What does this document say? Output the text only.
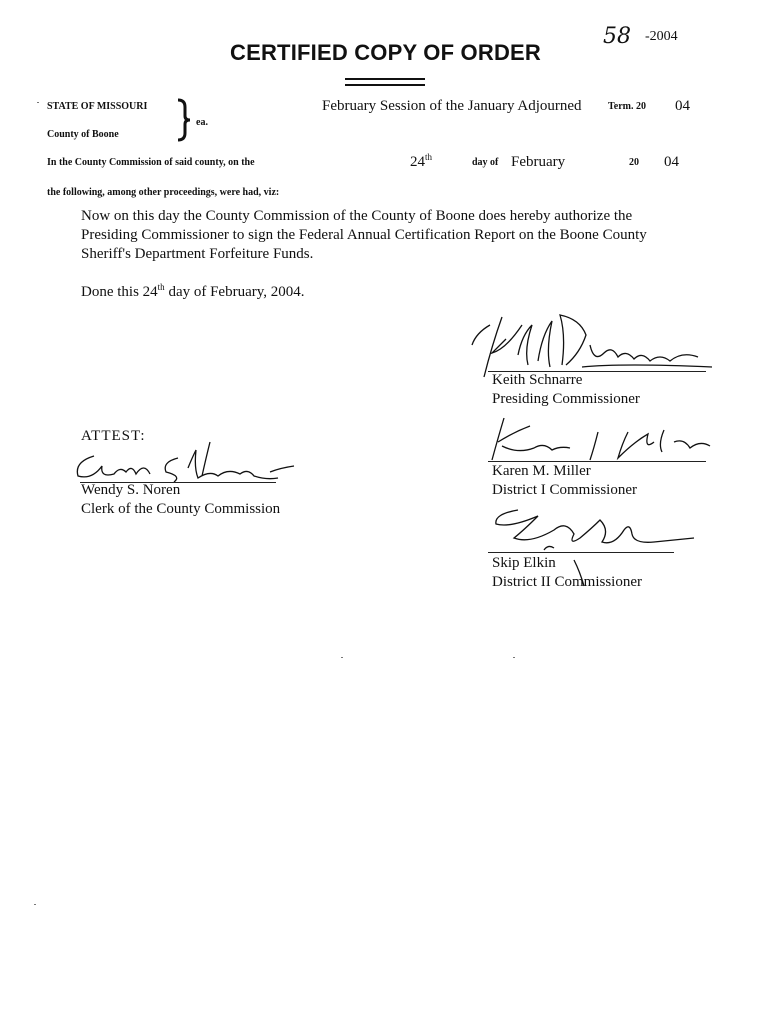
58 -2004
CERTIFIED COPY OF ORDER
STATE OF MISSOURI
ea.
County of Boone
February Session of the January Adjourned	Term. 20 04
In the County Commission of said county, on the	24th	day of February	20 04
the following, among other proceedings, were had, viz:

Now on this day the County Commission of the County of Boone does hereby authorize the Presiding Commissioner to sign the Federal Annual Certification Report on the Boone County Sheriff's Department Forfeiture Funds.

Done this 24th day of February, 2004.
Keith Schnarre
Presiding Commissioner
Karen M. Miller
District I Commissioner
Skip Elkin
District II Commissioner
ATTEST:
Wendy S. Noren
Clerk of the County Commission
